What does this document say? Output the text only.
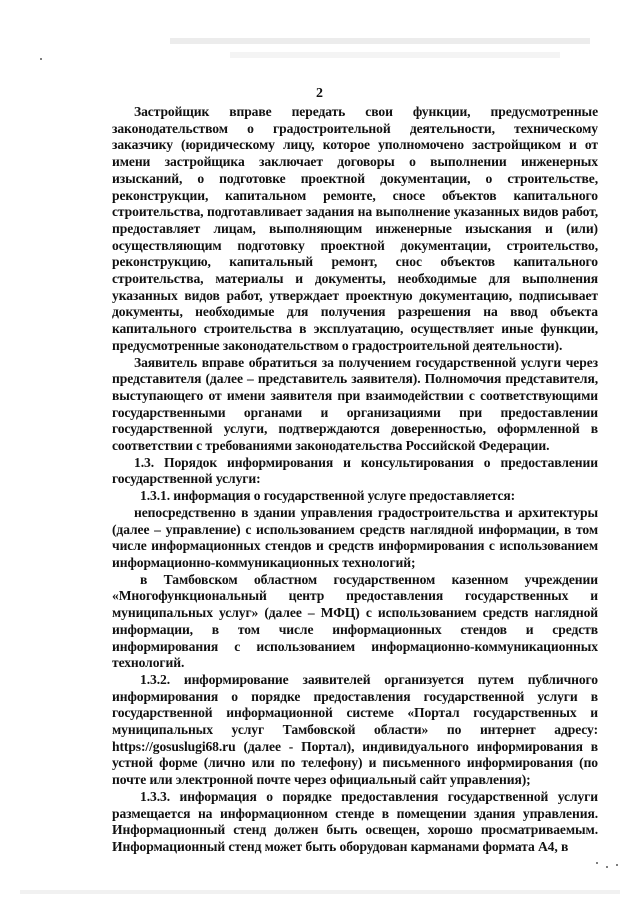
2

Застройщик вправе передать свои функции, предусмотренные законодательством о градостроительной деятельности, техническому заказчику (юридическому лицу, которое уполномочено застройщиком и от имени застройщика заключает договоры о выполнении инженерных изысканий, о подготовке проектной документации, о строительстве, реконструкции, капитальном ремонте, сносе объектов капитального строительства, подготавливает задания на выполнение указанных видов работ, предоставляет лицам, выполняющим инженерные изыскания и (или) осуществляющим подготовку проектной документации, строительство, реконструкцию, капитальный ремонт, снос объектов капитального строительства, материалы и документы, необходимые для выполнения указанных видов работ, утверждает проектную документацию, подписывает документы, необходимые для получения разрешения на ввод объекта капитального строительства в эксплуатацию, осуществляет иные функции, предусмотренные законодательством о градостроительной деятельности).

Заявитель вправе обратиться за получением государственной услуги через представителя (далее – представитель заявителя). Полномочия представителя, выступающего от имени заявителя при взаимодействии с соответствующими государственными органами и организациями при предоставлении государственной услуги, подтверждаются доверенностью, оформленной в соответствии с требованиями законодательства Российской Федерации.

1.3. Порядок информирования и консультирования о предоставлении государственной услуги:

1.3.1. информация о государственной услуге предоставляется:

непосредственно в здании управления градостроительства и архитектуры (далее – управление) с использованием средств наглядной информации, в том числе информационных стендов и средств информирования с использованием информационно-коммуникационных технологий;

в Тамбовском областном государственном казенном учреждении «Многофункциональный центр предоставления государственных и муниципальных услуг» (далее – МФЦ) с использованием средств наглядной информации, в том числе информационных стендов и средств информирования с использованием информационно-коммуникационных технологий.

1.3.2. информирование заявителей организуется путем публичного информирования о порядке предоставления государственной услуги в государственной информационной системе «Портал государственных и муниципальных услуг Тамбовской области» по интернет адресу: https://gosuslugi68.ru (далее - Портал), индивидуального информирования в устной форме (лично или по телефону) и письменного информирования (по почте или электронной почте через официальный сайт управления);

1.3.3. информация о порядке предоставления государственной услуги размещается на информационном стенде в помещении здания управления. Информационный стенд должен быть освещен, хорошо просматриваемым. Информационный стенд может быть оборудован карманами формата А4, в
